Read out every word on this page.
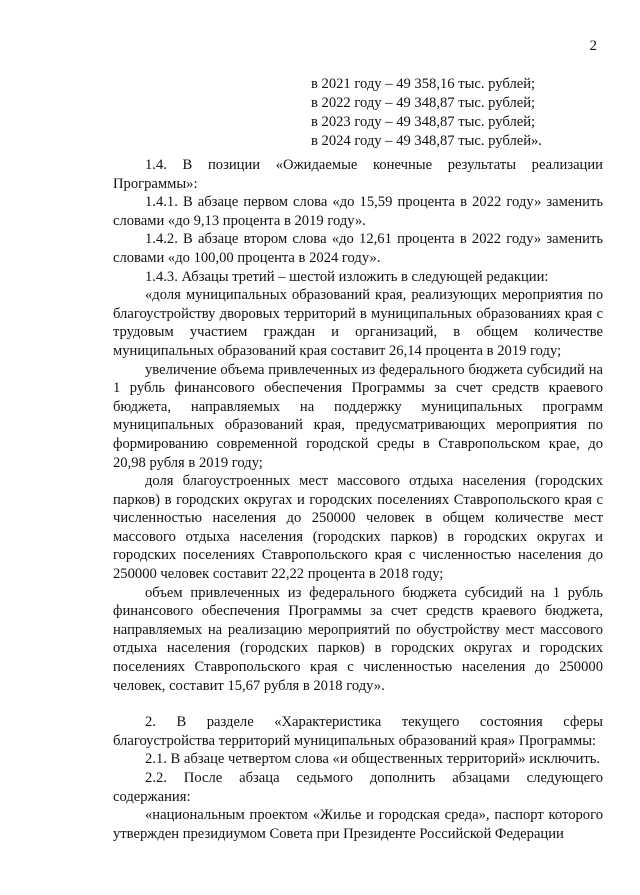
2
в 2021 году – 49 358,16 тыс. рублей;
в 2022 году – 49 348,87 тыс. рублей;
в 2023 году – 49 348,87 тыс. рублей;
в 2024 году – 49 348,87 тыс. рублей».

1.4. В позиции «Ожидаемые конечные результаты реализации Программы»:

1.4.1. В абзаце первом слова «до 15,59 процента в 2022 году» заменить словами «до 9,13 процента в 2019 году».

1.4.2. В абзаце втором слова «до 12,61 процента в 2022 году» заменить словами «до 100,00 процента в 2024 году».

1.4.3. Абзацы третий – шестой изложить в следующей редакции:

«доля муниципальных образований края, реализующих мероприятия по благоустройству дворовых территорий в муниципальных образованиях края с трудовым участием граждан и организаций, в общем количестве муниципальных образований края составит 26,14 процента в 2019 году;

увеличение объема привлеченных из федерального бюджета субсидий на 1 рубль финансового обеспечения Программы за счет средств краевого бюджета, направляемых на поддержку муниципальных программ муниципальных образований края, предусматривающих мероприятия по формированию современной городской среды в Ставропольском крае, до 20,98 рубля в 2019 году;

доля благоустроенных мест массового отдыха населения (городских парков) в городских округах и городских поселениях Ставропольского края с численностью населения до 250000 человек в общем количестве мест массового отдыха населения (городских парков) в городских округах и городских поселениях Ставропольского края с численностью населения до 250000 человек составит 22,22 процента в 2018 году;

объем привлеченных из федерального бюджета субсидий на 1 рубль финансового обеспечения Программы за счет средств краевого бюджета, направляемых на реализацию мероприятий по обустройству мест массового отдыха населения (городских парков) в городских округах и городских поселениях Ставропольского края с численностью населения до 250000 человек, составит 15,67 рубля в 2018 году».

2. В разделе «Характеристика текущего состояния сферы благоустройства территорий муниципальных образований края» Программы:

2.1. В абзаце четвертом слова «и общественных территорий» исключить.

2.2. После абзаца седьмого дополнить абзацами следующего содержания:

«национальным проектом «Жилье и городская среда», паспорт которого утвержден президиумом Совета при Президенте Российской Федерации
